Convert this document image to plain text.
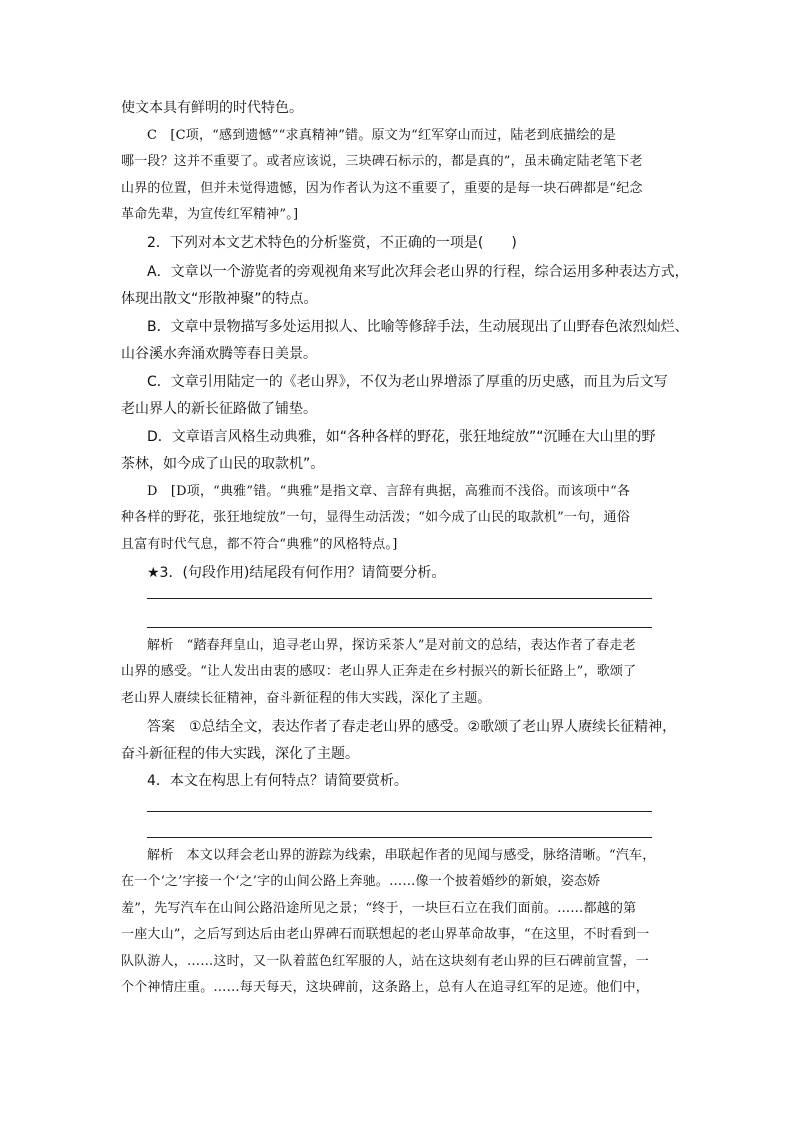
使文本具有鲜明的时代特色。
C　[C项，“感到遗憾”“求真精神”错。原文为“红军穿山而过，陆老到底描绘的是
哪一段？这并不重要了。或者应该说，三块碑石标示的，都是真的”，虽未确定陆老笔下老
山界的位置，但并未觉得遗憾，因为作者认为这不重要了，重要的是每一块石碑都是“纪念
革命先辈，为宣传红军精神”。]
2．下列对本文艺术特色的分析鉴赏，不正确的一项是(　　)
A．文章以一个游览者的旁观视角来写此次拜会老山界的行程，综合运用多种表达方式，
体现出散文“形散神聚”的特点。
B．文章中景物描写多处运用拟人、比喻等修辞手法，生动展现出了山野春色浓烈灿烂、
山谷溪水奔涌欢腾等春日美景。
C．文章引用陆定一的《老山界》，不仅为老山界增添了厚重的历史感，而且为后文写
老山界人的新长征路做了铺垫。
D．文章语言风格生动典雅，如“各种各样的野花，张狂地绽放”“沉睡在大山里的野
茶林，如今成了山民的取款机”。
D　[D项，“典雅”错。“典雅”是指文章、言辞有典据，高雅而不浅俗。而该项中“各
种各样的野花，张狂地绽放”一句，显得生动活泼；“如今成了山民的取款机”一句，通俗
且富有时代气息，都不符合“典雅”的风格特点。]
★3．(句段作用)结尾段有何作用？请简要分析。
解析　“踏春拜皇山，追寻老山界，探访采茶人”是对前文的总结，表达作者了春走老
山界的感受。“让人发出由衷的感叹：老山界人正奔走在乡村振兴的新长征路上”，歌颂了
老山界人赓续长征精神，奋斗新征程的伟大实践，深化了主题。
答案　①总结全文，表达作者了春走老山界的感受。②歌颂了老山界人赓续长征精神，
奋斗新征程的伟大实践，深化了主题。
4．本文在构思上有何特点？请简要赏析。
解析　本文以拜会老山界的游踪为线索，串联起作者的见闻与感受，脉络清晰。“汽车，
在一个‘之’字接一个‘之’字的山间公路上奔驰。……像一个披着婚纱的新娘，姿态娇
羞”，先写汽车在山间公路沿途所见之景；“终于，一块巨石立在我们面前。……都越的第
一座大山”，之后写到达后由老山界碑石而联想起的老山界革命故事，“在这里，不时看到一
队队游人，……这时，又一队着蓝色红军服的人，站在这块刻有老山界的巨石碑前宣誓，一
个个神情庄重。……每天每天，这块碑前，这条路上，总有人在追寻红军的足迹。他们中，
